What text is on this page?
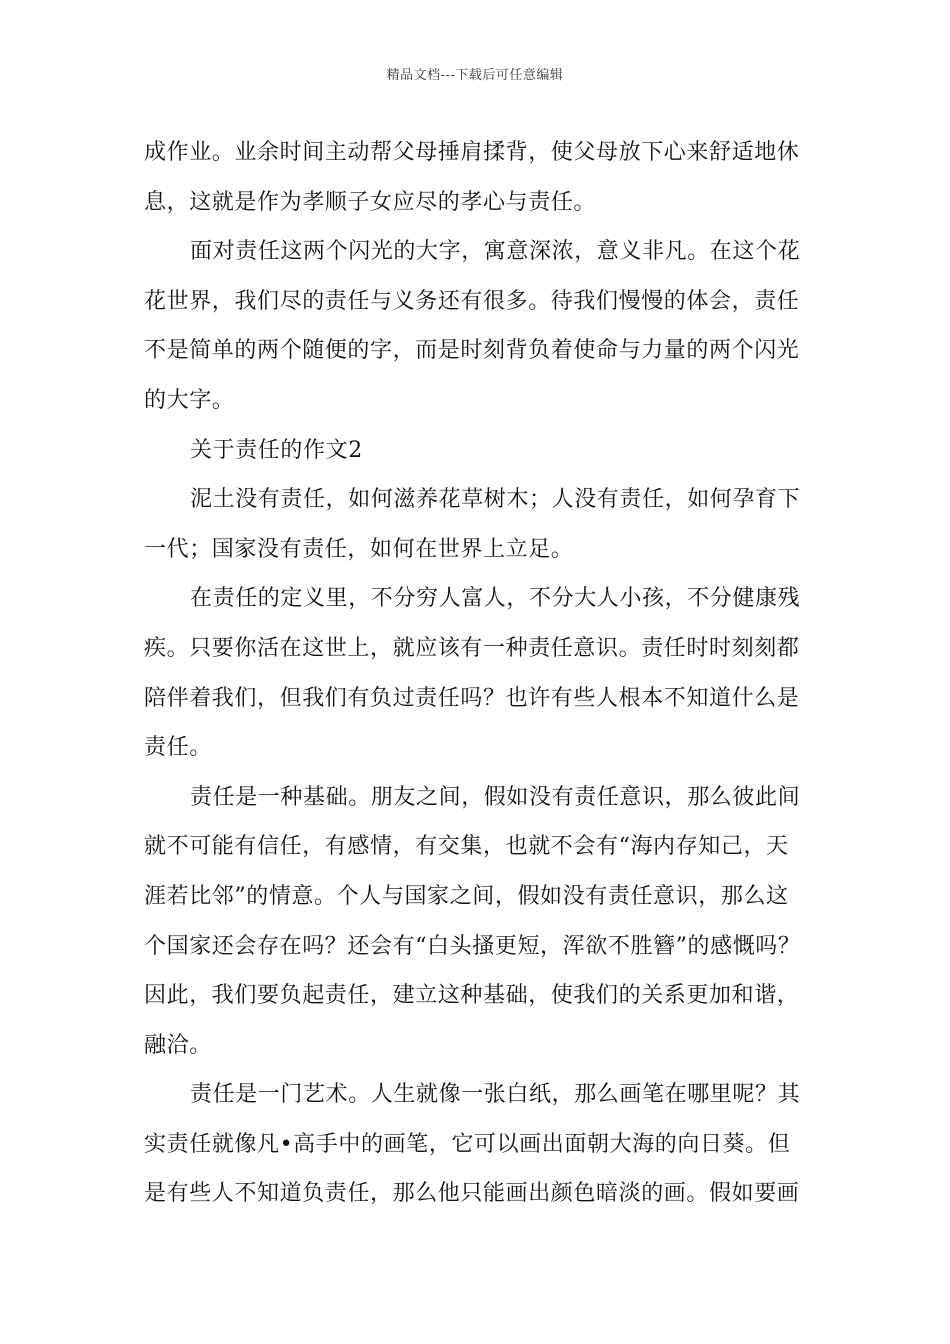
精品文档---下载后可任意编辑
成作业。业余时间主动帮父母捶肩揉背，使父母放下心来舒适地休
息，这就是作为孝顺子女应尽的孝心与责任。
面对责任这两个闪光的大字，寓意深浓，意义非凡。在这个花
花世界，我们尽的责任与义务还有很多。待我们慢慢的体会，责任
不是简单的两个随便的字，而是时刻背负着使命与力量的两个闪光
的大字。
关于责任的作文2
泥土没有责任，如何滋养花草树木；人没有责任，如何孕育下
一代；国家没有责任，如何在世界上立足。
在责任的定义里，不分穷人富人，不分大人小孩，不分健康残
疾。只要你活在这世上，就应该有一种责任意识。责任时时刻刻都
陪伴着我们，但我们有负过责任吗？也许有些人根本不知道什么是
责任。
责任是一种基础。朋友之间，假如没有责任意识，那么彼此间
就不可能有信任，有感情，有交集，也就不会有“海内存知己，天
涯若比邻”的情意。个人与国家之间，假如没有责任意识，那么这
个国家还会存在吗？还会有“白头搔更短，浑欲不胜簪”的感慨吗？
因此，我们要负起责任，建立这种基础，使我们的关系更加和谐，
融洽。
责任是一门艺术。人生就像一张白纸，那么画笔在哪里呢？其
实责任就像凡•高手中的画笔，它可以画出面朝大海的向日葵。但
是有些人不知道负责任，那么他只能画出颜色暗淡的画。假如要画
